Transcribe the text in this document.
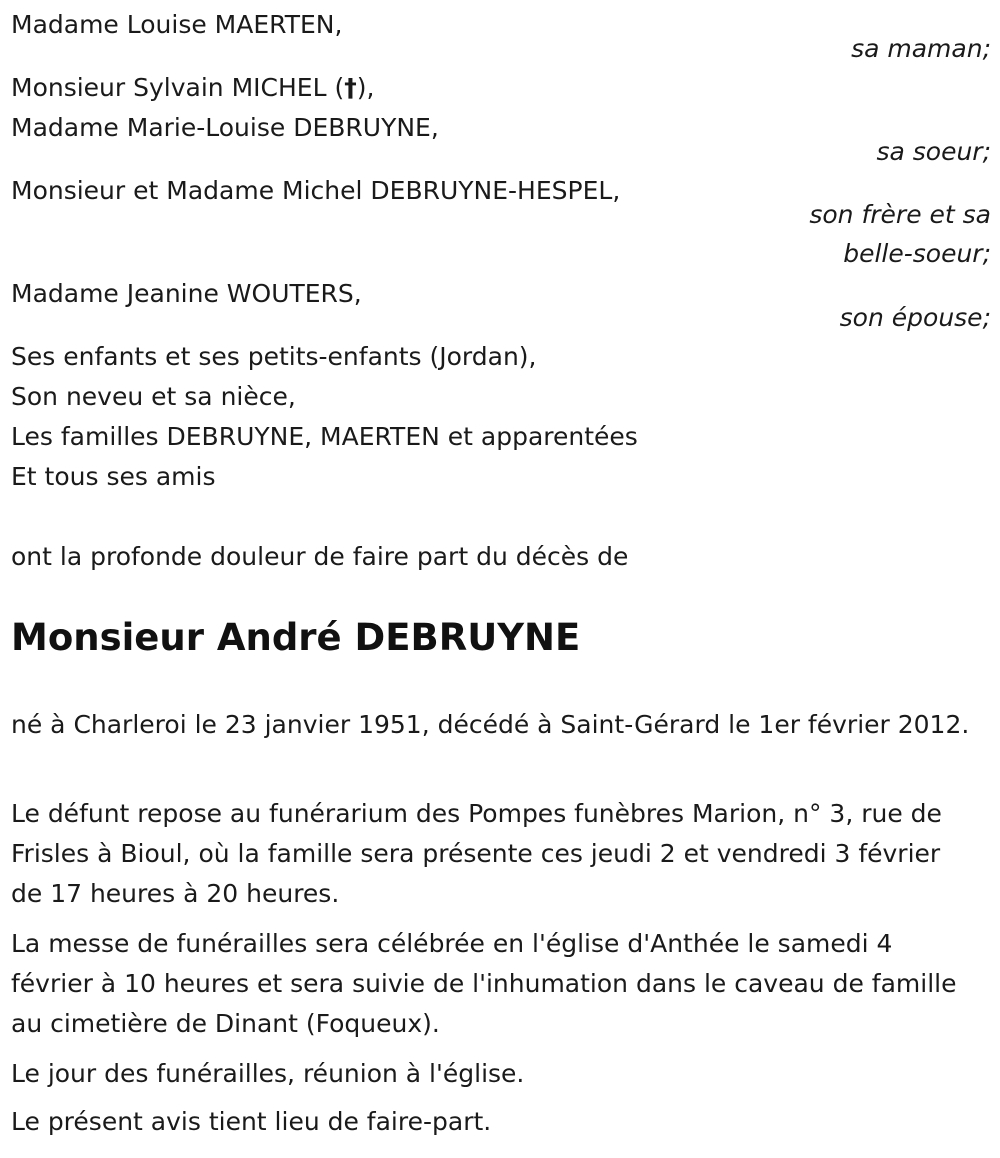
Madame Louise MAERTEN,

sa maman;

Monsieur Sylvain MICHEL (†),

Madame Marie-Louise DEBRUYNE,

sa soeur;

Monsieur et Madame Michel DEBRUYNE-HESPEL,

son frère et sa

belle-soeur;

Madame Jeanine WOUTERS,

son épouse;

Ses enfants et ses petits-enfants (Jordan),

Son neveu et sa nièce,

Les familles DEBRUYNE, MAERTEN et apparentées

Et tous ses amis

ont la profonde douleur de faire part du décès de

Monsieur André DEBRUYNE

né à Charleroi le 23 janvier 1951, décédé à Saint-Gérard le 1er février 2012.

Le défunt repose au funérarium des Pompes funèbres Marion, n° 3, rue de Frisles à Bioul, où la famille sera présente ces jeudi 2 et vendredi 3 février de 17 heures à 20 heures.

La messe de funérailles sera célébrée en l'église d'Anthée le samedi 4 février à 10 heures et sera suivie de l'inhumation dans le caveau de famille au cimetière de Dinant (Foqueux).

Le jour des funérailles, réunion à l'église.

Le présent avis tient lieu de faire-part.
